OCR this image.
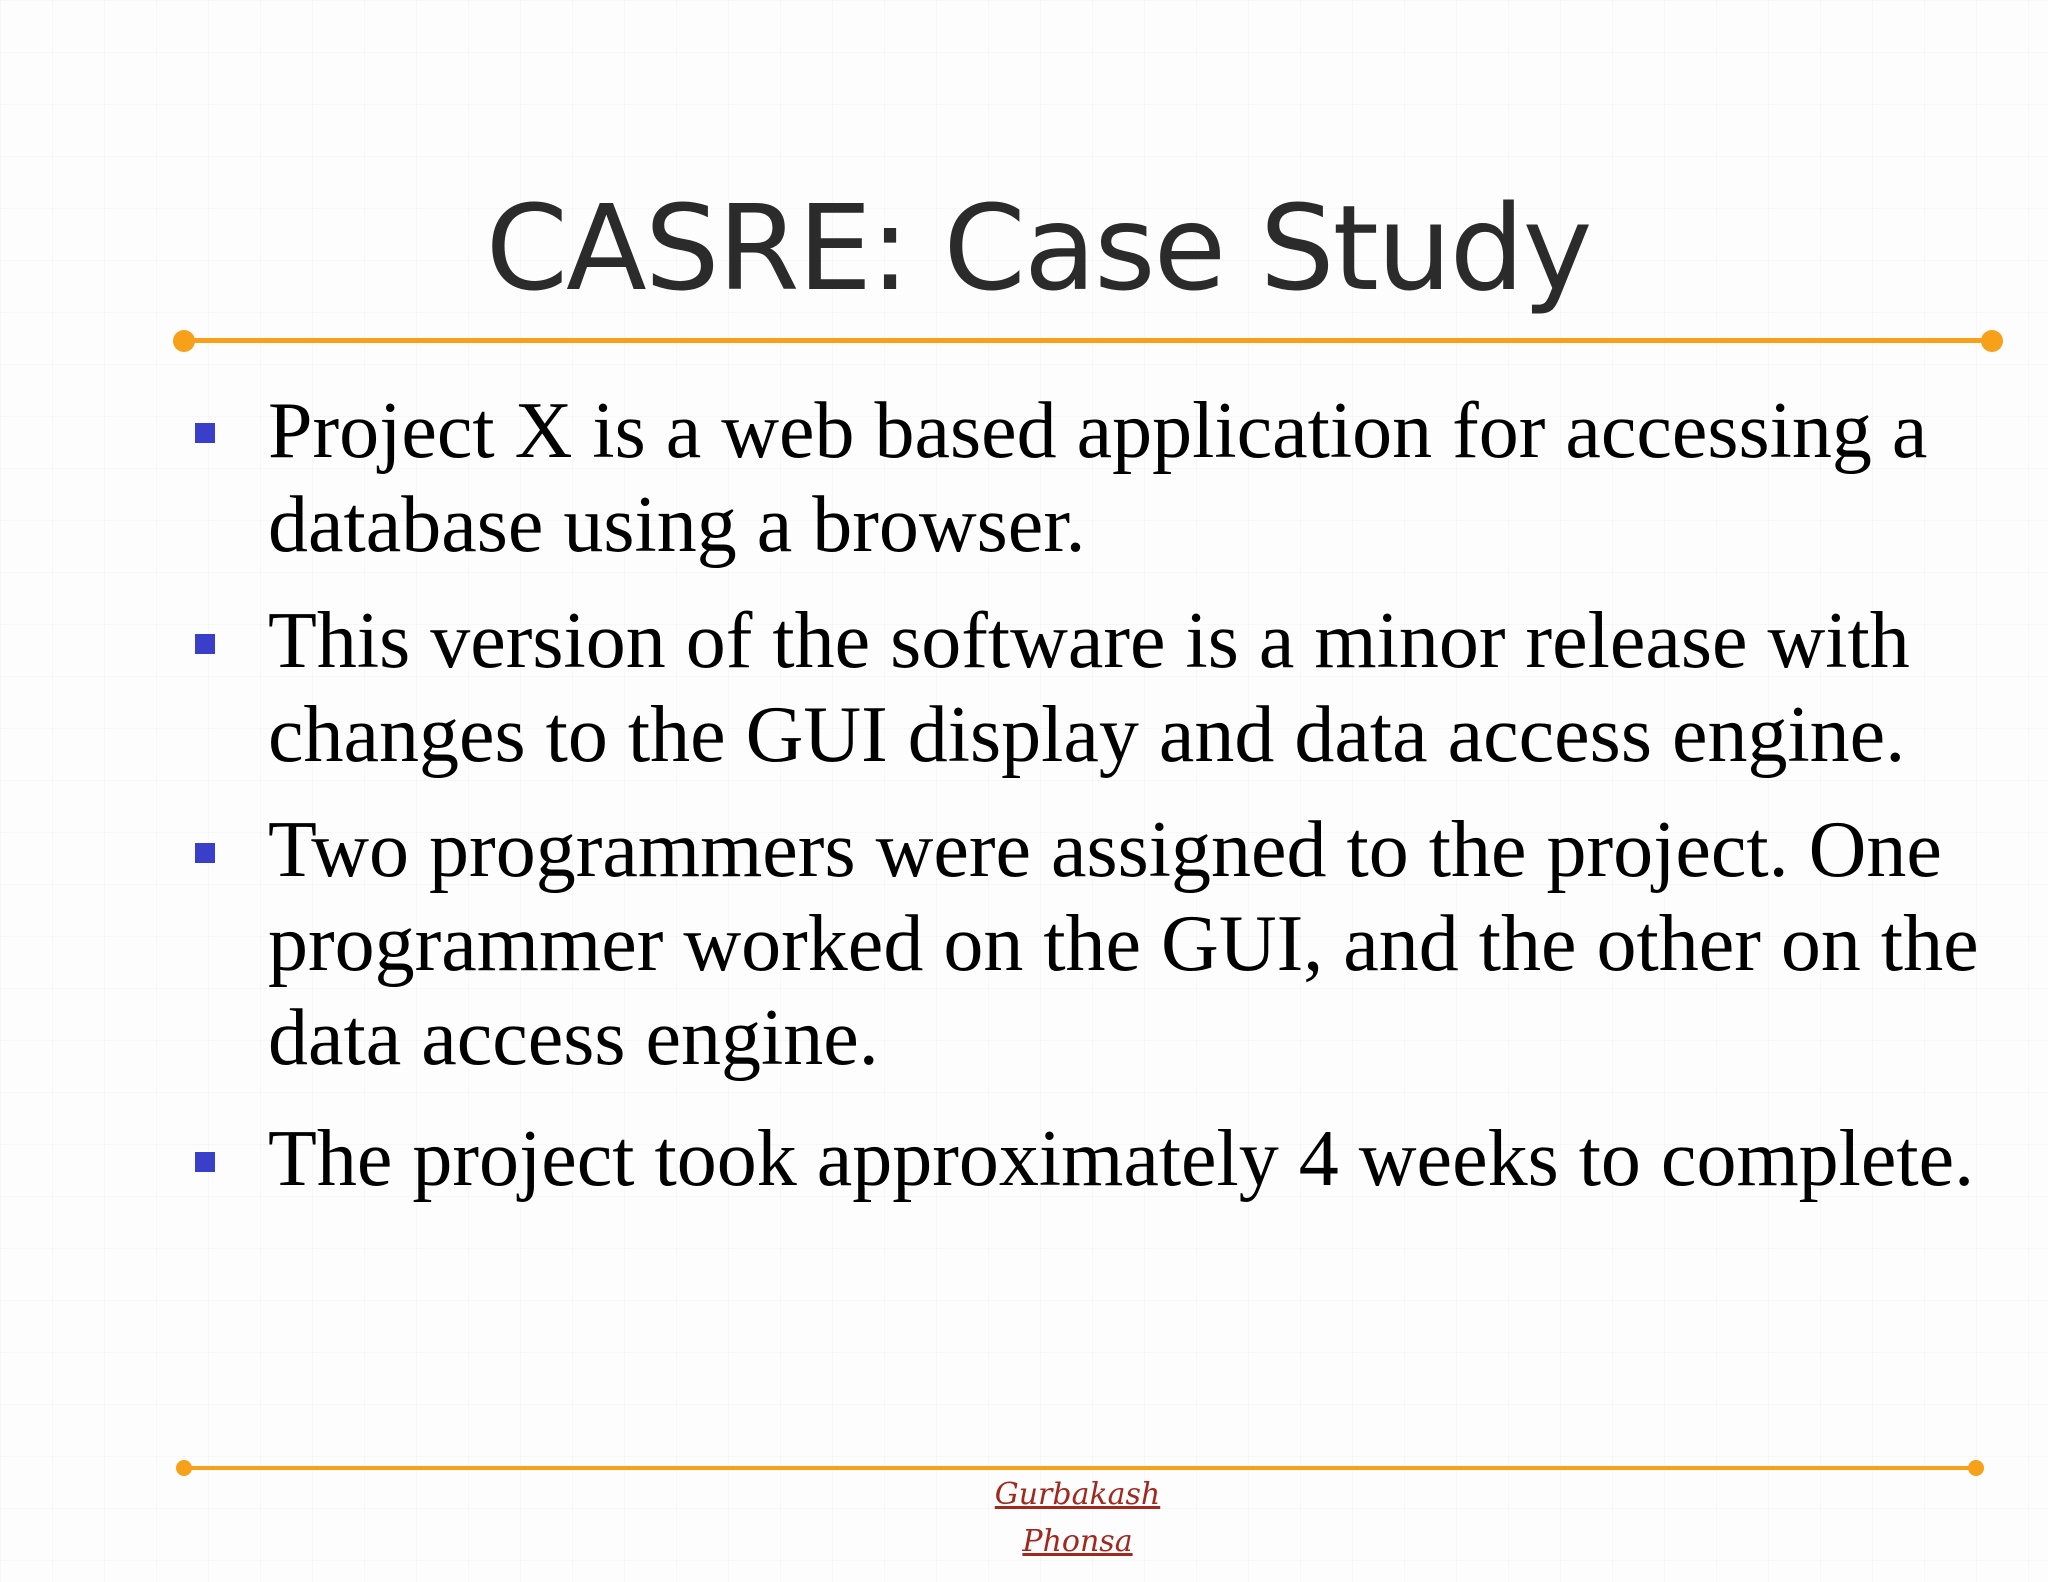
CASRE: Case Study
Project X is a web based application for accessing a
database using a browser.
This version of the software is a minor release with
changes to the GUI display and data access engine.
Two programmers were assigned to the project. One
programmer worked on the GUI, and the other on the
data access engine.
The project took approximately 4 weeks to complete.
Gurbakash
Phonsa
